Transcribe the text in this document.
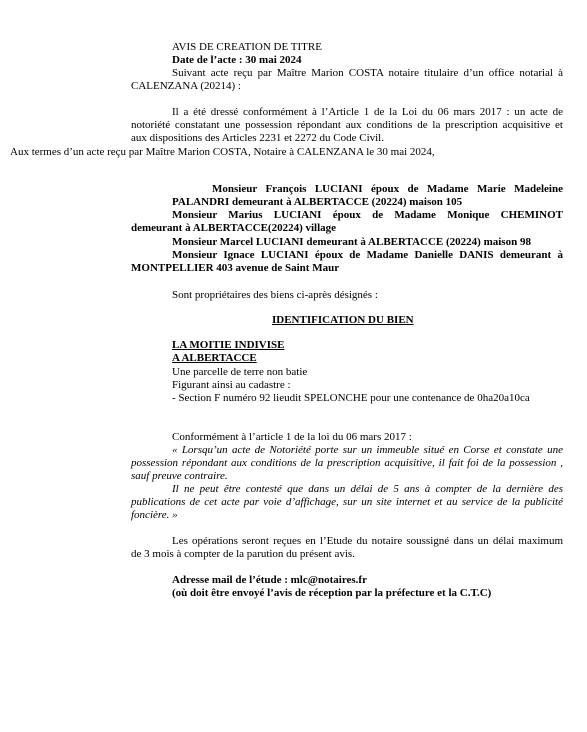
AVIS DE CREATION DE TITRE

Date de l’acte : 30 mai 2024

Suivant acte reçu par Maître Marion COSTA notaire titulaire d’un office notarial à

CALENZANA (20214) :

Il a été dressé conformément à l’Article 1 de la Loi du 06 mars 2017 : un acte de

notoriété constatant une possession répondant aux conditions de la prescription acquisitive et

aux dispositions des Articles 2231 et 2272 du Code Civil.

Aux termes d’un acte reçu par Maître Marion COSTA, Notaire à CALENZANA le 30 mai 2024,

Monsieur François LUCIANI époux de Madame Marie Madeleine

PALANDRI demeurant à ALBERTACCE (20224) maison 105

Monsieur Marius LUCIANI époux de Madame Monique CHEMINOT

demeurant à ALBERTACCE(20224) village

Monsieur Marcel LUCIANI demeurant à ALBERTACCE (20224) maison 98

Monsieur Ignace LUCIANI époux de Madame Danielle DANIS demeurant à

MONTPELLIER 403 avenue de Saint Maur

Sont propriétaires des biens ci-après désignés :

IDENTIFICATION DU BIEN

LA MOITIE INDIVISE

A ALBERTACCE

Une parcelle de terre non batie

Figurant ainsi au cadastre :

- Section F numéro 92 lieudit SPELONCHE pour une contenance de 0ha20a10ca

Conformément à l’article 1 de la loi du 06 mars 2017 :

« Lorsqu’un acte de Notoriété porte sur un immeuble situé en Corse et constate une

possession répondant aux conditions de la prescription acquisitive, il fait foi de la possession ,

sauf preuve contraire.

Il ne peut être contesté que dans un délai de 5 ans à compter de la dernière des

publications de cet acte par voie d’affichage, sur un site internet et au service de la publicité

foncière. »

Les opérations seront reçues en l’Etude du notaire soussigné dans un délai maximum

de 3 mois à compter de la parution du présent avis.

Adresse mail de l’étude : mlc@notaires.fr

(où doit être envoyé l’avis de réception par la préfecture et la C.T.C)
